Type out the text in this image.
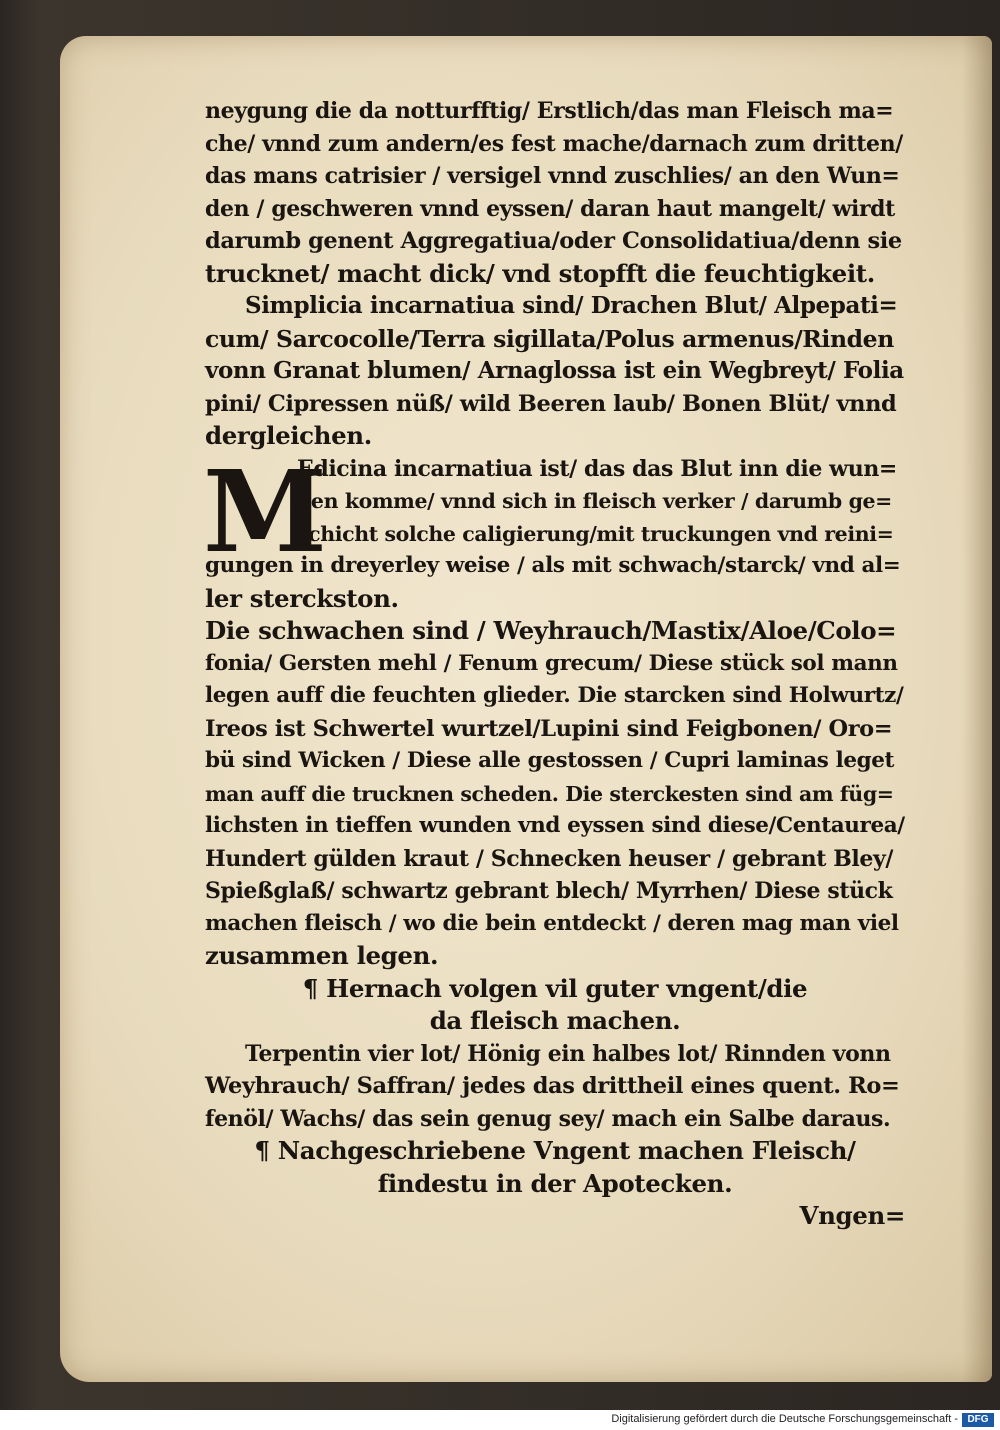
neygung die da notturfftig/ Erstlich/das man Fleisch ma=
che/ vnnd zum andern/es fest mache/darnach zum dritten/
das mans catrisier / versigel vnnd zuschlies/ an den Wun=
den / geschweren vnnd eyssen/ daran haut mangelt/ wirdt
darumb genent Aggregatiua/oder Consolidatiua/denn sie
trucknet/ macht dick/ vnd stopfft die feuchtigkeit.
Simplicia incarnatiua sind/ Drachen Blut/ Alpepati=
cum/ Sarcocolle/Terra sigillata/Polus armenus/Rinden
vonn Granat blumen/ Arnaglossa ist ein Wegbreyt/ Folia
pini/ Cipressen nüß/ wild Beeren laub/ Bonen Blüt/ vnnd
dergleichen.
M
Edicina incarnatiua ist/ das das Blut inn die wun=
den komme/ vnnd sich in fleisch verker / darumb ge=
schicht solche caligierung/mit truckungen vnd reini=
gungen in dreyerley weise / als mit schwach/starck/ vnd al=
ler sterckston.
Die schwachen sind / Weyhrauch/Mastix/Aloe/Colo=
fonia/ Gersten mehl / Fenum grecum/ Diese stück sol mann
legen auff die feuchten glieder. Die starcken sind Holwurtz/
Ireos ist Schwertel wurtzel/Lupini sind Feigbonen/ Oro=
bü sind Wicken / Diese alle gestossen / Cupri laminas leget
man auff die trucknen scheden. Die sterckesten sind am füg=
lichsten in tieffen wunden vnd eyssen sind diese/Centaurea/
Hundert gülden kraut / Schnecken heuser / gebrant Bley/
Spießglaß/ schwartz gebrant blech/ Myrrhen/ Diese stück
machen fleisch / wo die bein entdeckt / deren mag man viel
zusammen legen.
¶ Hernach volgen vil guter vngent/die
da fleisch machen.
Terpentin vier lot/ Hönig ein halbes lot/ Rinnden vonn
Weyhrauch/ Saffran/ jedes das drittheil eines quent. Ro=
fenöl/ Wachs/ das sein genug sey/ mach ein Salbe daraus.
¶ Nachgeschriebene Vngent machen Fleisch/
findestu in der Apotecken.
Vngen=
Digitalisierung gefördert durch die Deutsche Forschungsgemeinschaft - DFG
